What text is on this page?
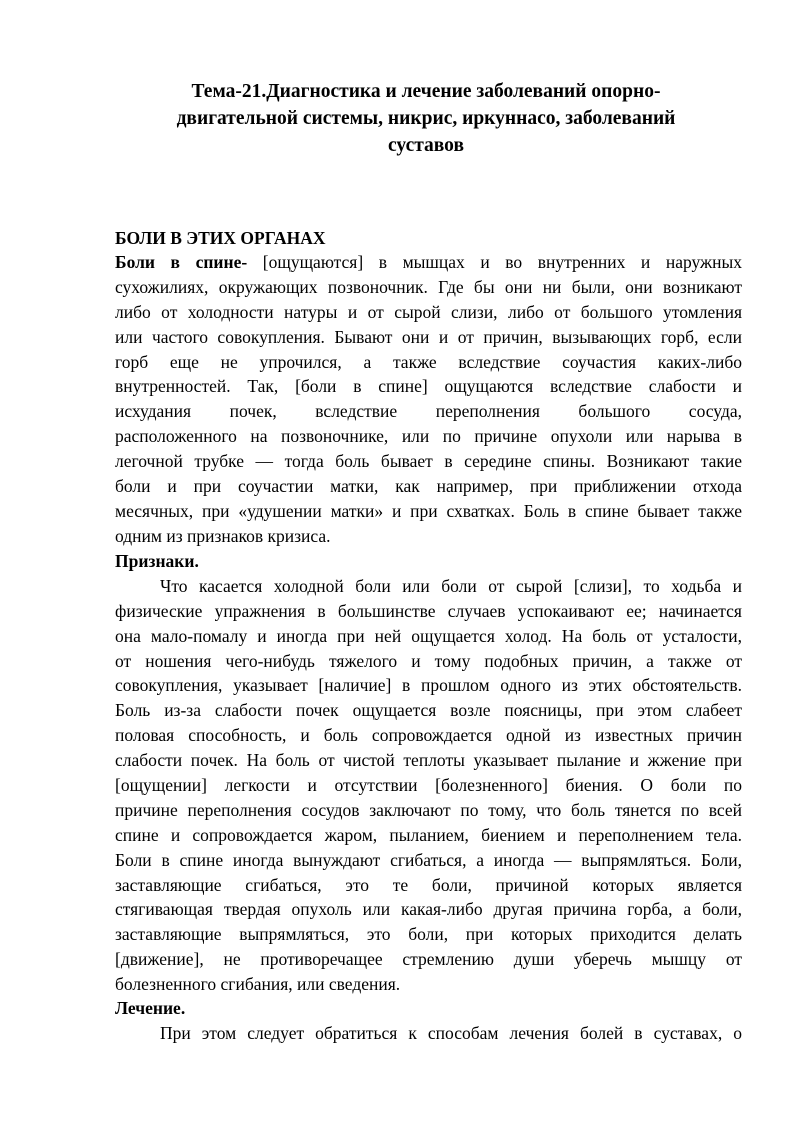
Тема-21.Диагностика и лечение заболеваний опорно-
двигательной системы, никрис, иркуннасо, заболеваний
суставов
БОЛИ В ЭТИХ ОРГАНАХ
Боли в спине- [ощущаются] в мышцах и во внутренних и наружных
сухожилиях, окружающих позвоночник. Где бы они ни были, они возникают
либо от холодности натуры и от сырой слизи, либо от большого утомления
или частого совокупления. Бывают они и от причин, вызывающих горб, если
горб еще не упрочился, а также вследствие соучастия каких-либо
внутренностей. Так, [боли в спине] ощущаются вследствие слабости и
исхудания почек, вследствие переполнения большого сосуда,
расположенного на позвоночнике, или по причине опухоли или нарыва в
легочной трубке — тогда боль бывает в середине спины. Возникают такие
боли и при соучастии матки, как например, при приближении отхода
месячных, при «удушении матки» и при схватках. Боль в спине бывает также
одним из признаков кризиса.
Признаки.
Что касается холодной боли или боли от сырой [слизи], то ходьба и
физические упражнения в большинстве случаев успокаивают ее; начинается
она мало-помалу и иногда при ней ощущается холод. На боль от усталости,
от ношения чего-нибудь тяжелого и тому подобных причин, а также от
совокупления, указывает [наличие] в прошлом одного из этих обстоятельств.
Боль из-за слабости почек ощущается возле поясницы, при этом слабеет
половая способность, и боль сопровождается одной из известных причин
слабости почек. На боль от чистой теплоты указывает пылание и жжение при
[ощущении] легкости и отсутствии [болезненного] биения. О боли по
причине переполнения сосудов заключают по тому, что боль тянется по всей
спине и сопровождается жаром, пыланием, биением и переполнением тела.
Боли в спине иногда вынуждают сгибаться, а иногда — выпрямляться. Боли,
заставляющие сгибаться, это те боли, причиной которых является
стягивающая твердая опухоль или какая-либо другая причина горба, а боли,
заставляющие выпрямляться, это боли, при которых приходится делать
[движение], не противоречащее стремлению души уберечь мышцу от
болезненного сгибания, или сведения.
Лечение.
При этом следует обратиться к способам лечения болей в суставах, о
